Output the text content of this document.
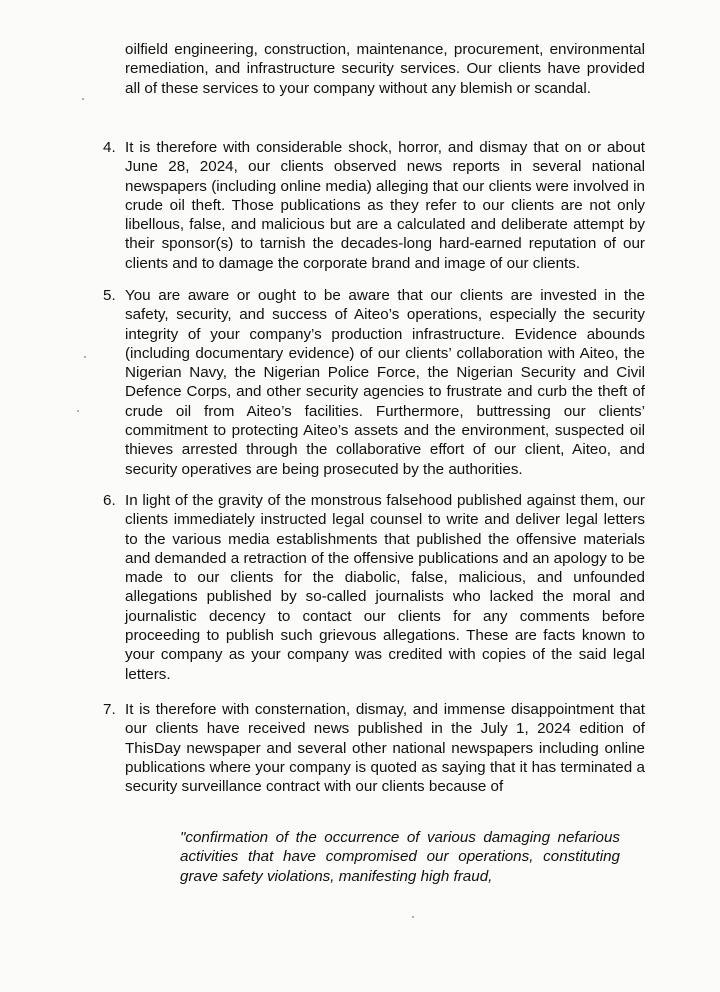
oilfield engineering, construction, maintenance, procurement, environmental remediation, and infrastructure security services. Our clients have provided all of these services to your company without any blemish or scandal.

4. It is therefore with considerable shock, horror, and dismay that on or about June 28, 2024, our clients observed news reports in several national newspapers (including online media) alleging that our clients were involved in crude oil theft. Those publications as they refer to our clients are not only libellous, false, and malicious but are a calculated and deliberate attempt by their sponsor(s) to tarnish the decades-long hard-earned reputation of our clients and to damage the corporate brand and image of our clients.

5. You are aware or ought to be aware that our clients are invested in the safety, security, and success of Aiteo’s operations, especially the security integrity of your company’s production infrastructure. Evidence abounds (including documentary evidence) of our clients’ collaboration with Aiteo, the Nigerian Navy, the Nigerian Police Force, the Nigerian Security and Civil Defence Corps, and other security agencies to frustrate and curb the theft of crude oil from Aiteo’s facilities. Furthermore, buttressing our clients’ commitment to protecting Aiteo’s assets and the environment, suspected oil thieves arrested through the collaborative effort of our client, Aiteo, and security operatives are being prosecuted by the authorities.

6. In light of the gravity of the monstrous falsehood published against them, our clients immediately instructed legal counsel to write and deliver legal letters to the various media establishments that published the offensive materials and demanded a retraction of the offensive publications and an apology to be made to our clients for the diabolic, false, malicious, and unfounded allegations published by so-called journalists who lacked the moral and journalistic decency to contact our clients for any comments before proceeding to publish such grievous allegations. These are facts known to your company as your company was credited with copies of the said legal letters.

7. It is therefore with consternation, dismay, and immense disappointment that our clients have received news published in the July 1, 2024 edition of ThisDay newspaper and several other national newspapers including online publications where your company is quoted as saying that it has terminated a security surveillance contract with our clients because of

"confirmation of the occurrence of various damaging nefarious activities that have compromised our operations, constituting grave safety violations, manifesting high fraud,
